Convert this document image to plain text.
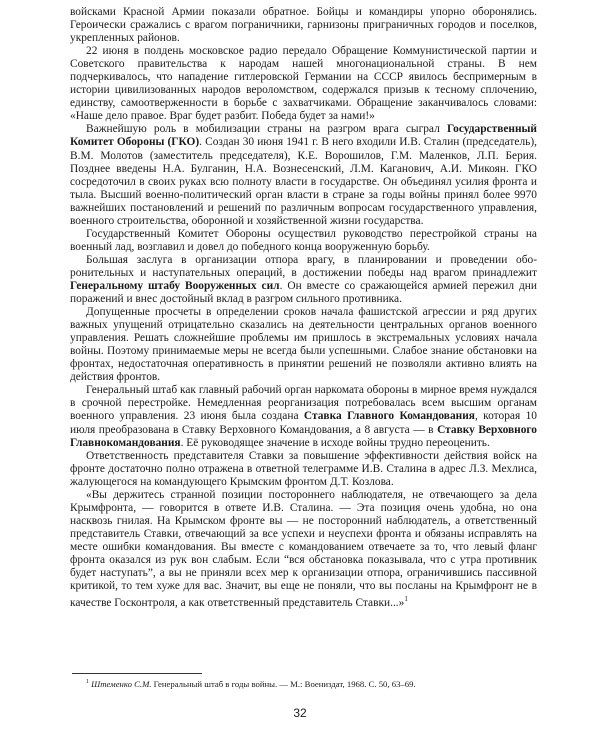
войсками Красной Армии показали обратное. Бойцы и командиры упорно оборонялись. Героически сражались с врагом пограничники, гарнизоны приграничных городов и поселков, укрепленных районов.

22 июня в полдень московское радио передало Обращение Коммунистической партии и Советского правительства к народам нашей многонациональной страны. В нем подчеркивалось, что нападение гитлеровской Германии на СССР явилось беспримерным в истории цивилизованных народов вероломством, содержался призыв к тесному сплочению, единству, самоотверженности в борьбе с захватчиками. Обращение заканчивалось словами: «Наше дело правое. Враг будет разбит. Победа будет за нами!»

Важнейшую роль в мобилизации страны на разгром врага сыграл Государственный Комитет Обороны (ГКО). Создан 30 июня 1941 г. В него входили И.В. Сталин (председатель), В.М. Молотов (заместитель председателя), К.Е. Ворошилов, Г.М. Маленков, Л.П. Берия. Позднее введены Н.А. Булганин, Н.А. Вознесенский, Л.М. Каганович, А.И. Микоян. ГКО сосредоточил в своих руках всю полноту власти в государстве. Он объединял усилия фронта и тыла. Высший военно-политический орган власти в стране за годы войны принял более 9970 важнейших постановлений и решений по различным вопросам государственного управления, военного строительства, оборонной и хозяйственной жизни государства.

Государственный Комитет Обороны осуществил руководство перестройкой страны на военный лад, возглавил и довел до победного конца вооруженную борьбу.

Большая заслуга в организации отпора врагу, в планировании и проведении оборонительных и наступательных операций, в достижении победы над врагом принадлежит Генеральному штабу Вооруженных сил. Он вместе со сражающейся армией пережил дни поражений и внес достойный вклад в разгром сильного противника.

Допущенные просчеты в определении сроков начала фашистской агрессии и ряд других важных упущений отрицательно сказались на деятельности центральных органов военного управления. Решать сложнейшие проблемы им пришлось в экстремальных условиях начала войны. Поэтому принимаемые меры не всегда были успешными. Слабое знание обстановки на фронтах, недостаточная оперативность в принятии решений не позволяли активно влиять на действия фронтов.

Генеральный штаб как главный рабочий орган наркомата обороны в мирное время нуждался в срочной перестройке. Немедленная реорганизация потребовалась всем высшим органам военного управления. 23 июня была создана Ставка Главного Командования, которая 10 июля преобразована в Ставку Верховного Командования, а 8 августа — в Ставку Верховного Главнокомандования. Её руководящее значение в исходе войны трудно переоценить.

Ответственность представителя Ставки за повышение эффективности действия войск на фронте достаточно полно отражена в ответной телеграмме И.В. Сталина в адрес Л.З. Мехлиса, жалующегося на командующего Крымским фронтом Д.Т. Козлова.

«Вы держитесь странной позиции постороннего наблюдателя, не отвечающего за дела Крымфронта, — говорится в ответе И.В. Сталина. — Эта позиция очень удобна, но она насквозь гнилая. На Крымском фронте вы — не посторонний наблюдатель, а ответственный представитель Ставки, отвечающий за все успехи и неуспехи фронта и обязаны исправлять на месте ошибки командования. Вы вместе с командованием отвечаете за то, что левый фланг фронта оказался из рук вон слабым. Если “вся обстановка показывала, что с утра противник будет наступать”, а вы не приняли всех мер к организации отпора, ограничившись пассивной критикой, то тем хуже для вас. Значит, вы еще не поняли, что вы посланы на Крымфронт не в качестве Госконтроля, а как ответственный представитель Ставки...»$^1$

$^1$ Штеменко С.М. Генеральный штаб в годы войны. — М.: Воениздат, 1968. С. 50, 63–69.
32
